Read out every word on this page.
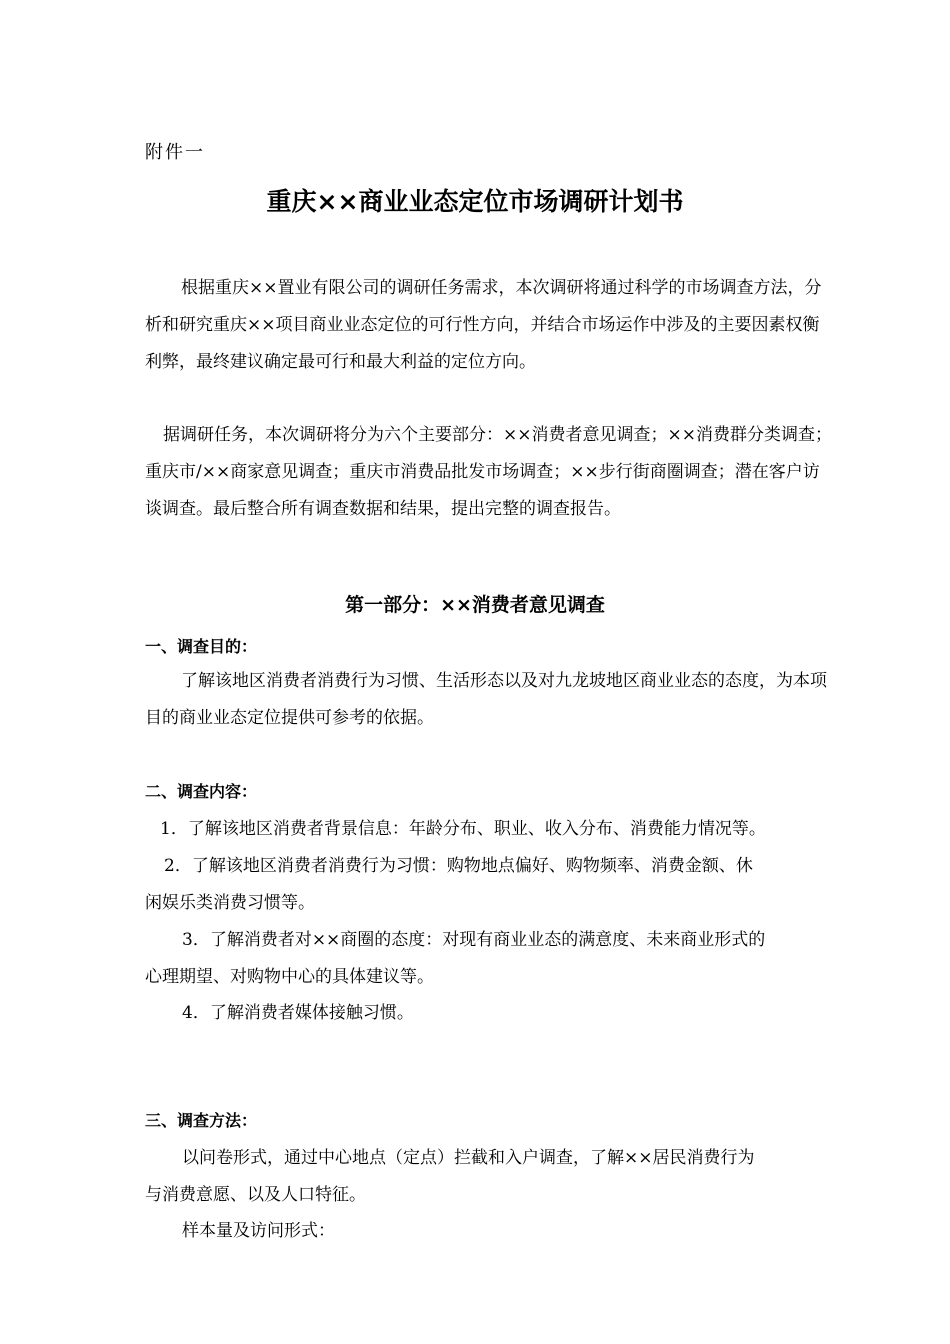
附件一
重庆××商业业态定位市场调研计划书
根据重庆××置业有限公司的调研任务需求，本次调研将通过科学的市场调查方法，分析和研究重庆××项目商业业态定位的可行性方向，并结合市场运作中涉及的主要因素权衡利弊，最终建议确定最可行和最大利益的定位方向。
据调研任务，本次调研将分为六个主要部分：××消费者意见调查；××消费群分类调查；重庆市/××商家意见调查；重庆市消费品批发市场调查；××步行街商圈调查；潜在客户访谈调查。最后整合所有调查数据和结果，提出完整的调查报告。
第一部分：××消费者意见调查
一、调查目的：
了解该地区消费者消费行为习惯、生活形态以及对九龙坡地区商业业态的态度，为本项目的商业业态定位提供可参考的依据。
二、调查内容：
1．了解该地区消费者背景信息：年龄分布、职业、收入分布、消费能力情况等。
2．了解该地区消费者消费行为习惯：购物地点偏好、购物频率、消费金额、休
闲娱乐类消费习惯等。
3．了解消费者对××商圈的态度：对现有商业业态的满意度、未来商业形式的
心理期望、对购物中心的具体建议等。
4．了解消费者媒体接触习惯。
三、调查方法：
以问卷形式，通过中心地点（定点）拦截和入户调查，了解××居民消费行为
与消费意愿、以及人口特征。
样本量及访问形式：
